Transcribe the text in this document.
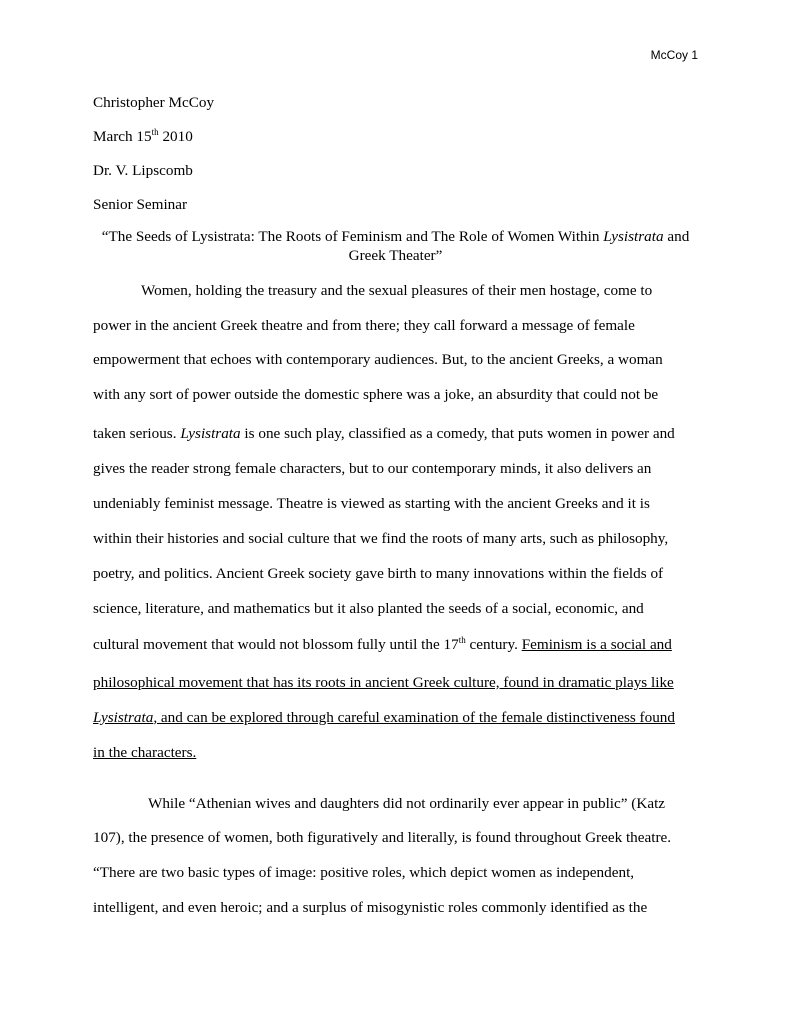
McCoy 1
Christopher McCoy
March 15th 2010
Dr. V. Lipscomb
Senior Seminar
“The Seeds of Lysistrata: The Roots of Feminism and The Role of Women Within Lysistrata and
Greek Theater”
Women, holding the treasury and the sexual pleasures of their men hostage, come to
power in the ancient Greek theatre and from there; they call forward a message of female
empowerment that echoes with contemporary audiences. But, to the ancient Greeks, a woman
with any sort of power outside the domestic sphere was a joke, an absurdity that could not be
taken serious. Lysistrata is one such play, classified as a comedy, that puts women in power and
gives the reader strong female characters, but to our contemporary minds, it also delivers an
undeniably feminist message. Theatre is viewed as starting with the ancient Greeks and it is
within their histories and social culture that we find the roots of many arts, such as philosophy,
poetry, and politics. Ancient Greek society gave birth to many innovations within the fields of
science, literature, and mathematics but it also planted the seeds of a social, economic, and
cultural movement that would not blossom fully until the 17th century. Feminism is a social and
philosophical movement that has its roots in ancient Greek culture, found in dramatic plays like
Lysistrata, and can be explored through careful examination of the female distinctiveness found
in the characters.
While “Athenian wives and daughters did not ordinarily ever appear in public” (Katz
107), the presence of women, both figuratively and literally, is found throughout Greek theatre.
“There are two basic types of image: positive roles, which depict women as independent,
intelligent, and even heroic; and a surplus of misogynistic roles commonly identified as the
